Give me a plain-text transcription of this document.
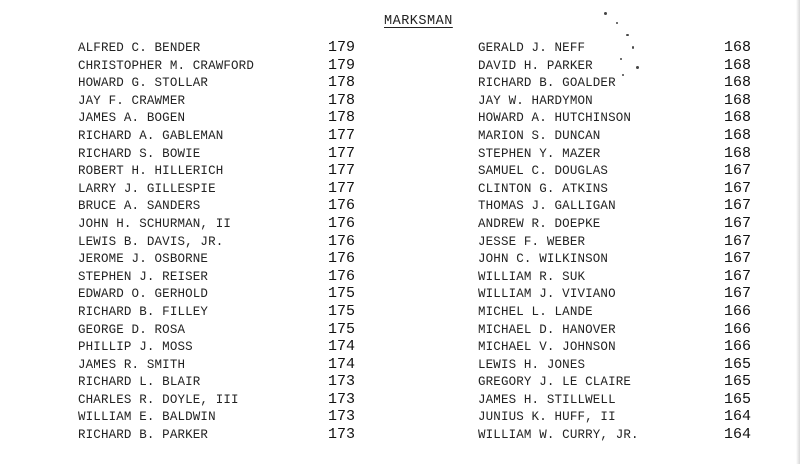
MARKSMAN
ALFRED C. BENDER	179
CHRISTOPHER M. CRAWFORD	179
HOWARD G. STOLLAR	178
JAY F. CRAWMER	178
JAMES A. BOGEN	178
RICHARD A. GABLEMAN	177
RICHARD S. BOWIE	177
ROBERT H. HILLERICH	177
LARRY J. GILLESPIE	177
BRUCE A. SANDERS	176
JOHN H. SCHURMAN, II	176
LEWIS B. DAVIS, JR.	176
JEROME J. OSBORNE	176
STEPHEN J. REISER	176
EDWARD O. GERHOLD	175
RICHARD B. FILLEY	175
GEORGE D. ROSA	175
PHILLIP J. MOSS	174
JAMES R. SMITH	174
RICHARD L. BLAIR	173
CHARLES R. DOYLE, III	173
WILLIAM E. BALDWIN	173
RICHARD B. PARKER	173
GERALD J. NEFF	168
DAVID H. PARKER	168
RICHARD B. GOALDER	168
JAY W. HARDYMON	168
HOWARD A. HUTCHINSON	168
MARION S. DUNCAN	168
STEPHEN Y. MAZER	168
SAMUEL C. DOUGLAS	167
CLINTON G. ATKINS	167
THOMAS J. GALLIGAN	167
ANDREW R. DOEPKE	167
JESSE F. WEBER	167
JOHN C. WILKINSON	167
WILLIAM R. SUK	167
WILLIAM J. VIVIANO	167
MICHEL L. LANDE	166
MICHAEL D. HANOVER	166
MICHAEL V. JOHNSON	166
LEWIS H. JONES	165
GREGORY J. LE CLAIRE	165
JAMES H. STILLWELL	165
JUNIUS K. HUFF, II	164
WILLIAM W. CURRY, JR.	164
